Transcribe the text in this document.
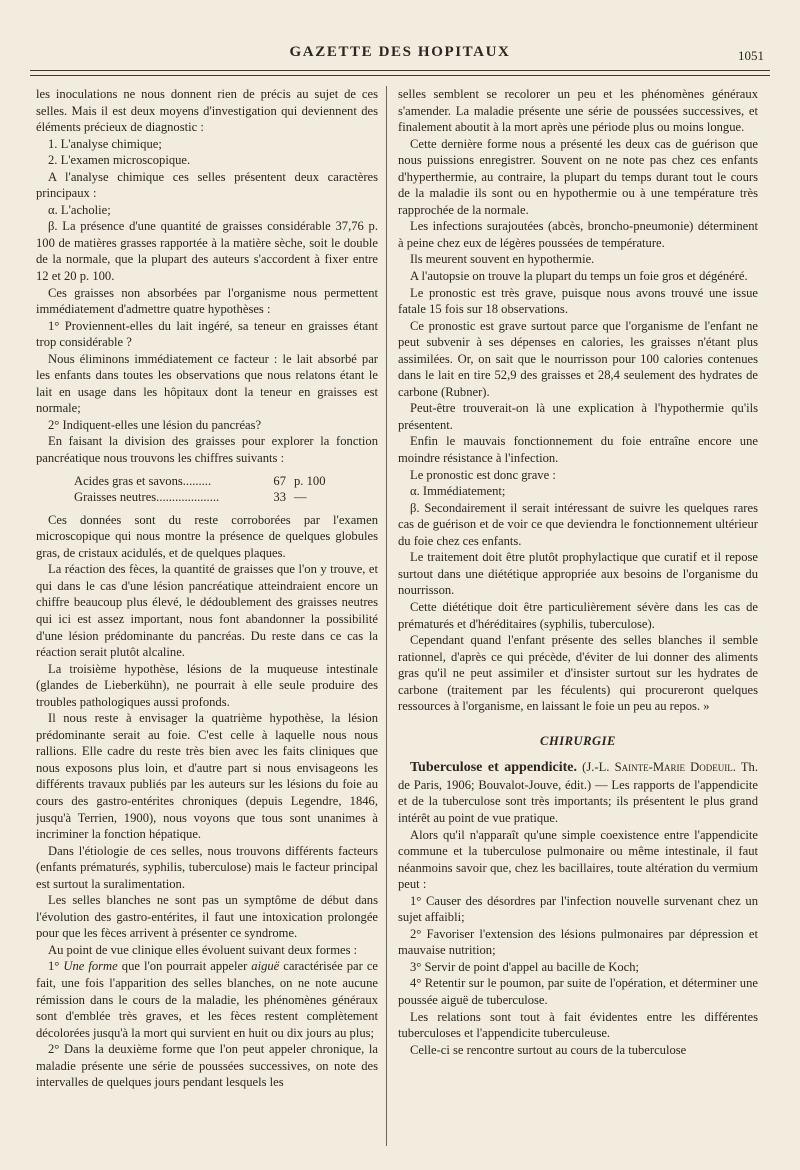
GAZETTE DES HOPITAUX	1051

les inoculations ne nous donnent rien de précis au sujet de ces selles. Mais il est deux moyens d'investigation qui deviennent des éléments précieux de diagnostic :

1. L'analyse chimique;

2. L'examen microscopique.

A l'analyse chimique ces selles présentent deux caractères principaux :

α. L'acholie;

β. La présence d'une quantité de graisses considérable 37,76 p. 100 de matières grasses rapportée à la matière sèche, soit le double de la normale, que la plupart des auteurs s'accordent à fixer entre 12 et 20 p. 100.

Ces graisses non absorbées par l'organisme nous permettent immédiatement d'admettre quatre hypothèses :

1° Proviennent-elles du lait ingéré, sa teneur en graisses étant trop considérable ?

Nous éliminons immédiatement ce facteur : le lait absorbé par les enfants dans toutes les observations que nous relatons étant le lait en usage dans les hôpitaux dont la teneur en graisses est normale;

2° Indiquent-elles une lésion du pancréas?

En faisant la division des graisses pour explorer la fonction pancréatique nous trouvons les chiffres suivants :

Acides gras et savons.........	67 p. 100
Graisses neutres....................	33 —

Ces données sont du reste corroborées par l'examen microscopique qui nous montre la présence de quelques globules gras, de cristaux acidulés, et de quelques plaques.

La réaction des fèces, la quantité de graisses que l'on y trouve, et qui dans le cas d'une lésion pancréatique atteindraient encore un chiffre beaucoup plus élevé, le dédoublement des graisses neutres qui ici est assez important, nous font abandonner la possibilité d'une lésion prédominante du pancréas. Du reste dans ce cas la réaction serait plutôt alcaline.

La troisième hypothèse, lésions de la muqueuse intestinale (glandes de Lieberkühn), ne pourrait à elle seule produire des troubles pathologiques aussi profonds.

Il nous reste à envisager la quatrième hypothèse, la lésion prédominante serait au foie. C'est celle à laquelle nous nous rallions. Elle cadre du reste très bien avec les faits cliniques que nous exposons plus loin, et d'autre part si nous envisageons les différents travaux publiés par les auteurs sur les lésions du foie au cours des gastro-entérites chroniques (depuis Legendre, 1846, jusqu'à Terrien, 1900), nous voyons que tous sont unanimes à incriminer la fonction hépatique.

Dans l'étiologie de ces selles, nous trouvons différents facteurs (enfants prématurés, syphilis, tuberculose) mais le facteur principal est surtout la suralimentation.

Les selles blanches ne sont pas un symptôme de début dans l'évolution des gastro-entérites, il faut une intoxication prolongée pour que les fèces arrivent à présenter ce syndrome.

Au point de vue clinique elles évoluent suivant deux formes :

1° Une forme que l'on pourrait appeler aiguë caractérisée par ce fait, une fois l'apparition des selles blanches, on ne note aucune rémission dans le cours de la maladie, les phénomènes généraux sont d'emblée très graves, et les fèces restent complètement décolorées jusqu'à la mort qui survient en huit ou dix jours au plus;

2° Dans la deuxième forme que l'on peut appeler chronique, la maladie présente une série de poussées successives, on note des intervalles de quelques jours pendant lesquels les

selles semblent se recolorer un peu et les phénomènes généraux s'amender. La maladie présente une série de poussées successives, et finalement aboutit à la mort après une période plus ou moins longue.

Cette dernière forme nous a présenté les deux cas de guérison que nous puissions enregistrer. Souvent on ne note pas chez ces enfants d'hyperthermie, au contraire, la plupart du temps durant tout le cours de la maladie ils sont ou en hypothermie ou à une température très rapprochée de la normale.

Les infections surajoutées (abcès, broncho-pneumonie) déterminent à peine chez eux de légères poussées de température.

Ils meurent souvent en hypothermie.

A l'autopsie on trouve la plupart du temps un foie gros et dégénéré.

Le pronostic est très grave, puisque nous avons trouvé une issue fatale 15 fois sur 18 observations.

Ce pronostic est grave surtout parce que l'organisme de l'enfant ne peut subvenir à ses dépenses en calories, les graisses n'étant plus assimilées. Or, on sait que le nourrisson pour 100 calories contenues dans le lait en tire 52,9 des graisses et 28,4 seulement des hydrates de carbone (Rubner).

Peut-être trouverait-on là une explication à l'hypothermie qu'ils présentent.

Enfin le mauvais fonctionnement du foie entraîne encore une moindre résistance à l'infection.

Le pronostic est donc grave :

α. Immédiatement;

β. Secondairement il serait intéressant de suivre les quelques rares cas de guérison et de voir ce que deviendra le fonctionnement ultérieur du foie chez ces enfants.

Le traitement doit être plutôt prophylactique que curatif et il repose surtout dans une diététique appropriée aux besoins de l'organisme du nourrisson.

Cette diététique doit être particulièrement sévère dans les cas de prématurés et d'héréditaires (syphilis, tuberculose).

Cependant quand l'enfant présente des selles blanches il semble rationnel, d'après ce qui précède, d'éviter de lui donner des aliments gras qu'il ne peut assimiler et d'insister surtout sur les hydrates de carbone (traitement par les féculents) qui procureront quelques ressources à l'organisme, en laissant le foie un peu au repos. »

CHIRURGIE

Tuberculose et appendicite. (J.-L. Sainte-Marie Dodeuil. Th. de Paris, 1906; Bouvalot-Jouve, édit.) — Les rapports de l'appendicite et de la tuberculose sont très importants; ils présentent le plus grand intérêt au point de vue pratique.

Alors qu'il n'apparaît qu'une simple coexistence entre l'appendicite commune et la tuberculose pulmonaire ou même intestinale, il faut néanmoins savoir que, chez les bacillaires, toute altération du vermium peut :

1° Causer des désordres par l'infection nouvelle survenant chez un sujet affaibli;

2° Favoriser l'extension des lésions pulmonaires par dépression et mauvaise nutrition;

3° Servir de point d'appel au bacille de Koch;

4° Retentir sur le poumon, par suite de l'opération, et déterminer une poussée aiguë de tuberculose.

Les relations sont tout à fait évidentes entre les différentes tuberculoses et l'appendicite tuberculeuse.

Celle-ci se rencontre surtout au cours de la tuberculose
